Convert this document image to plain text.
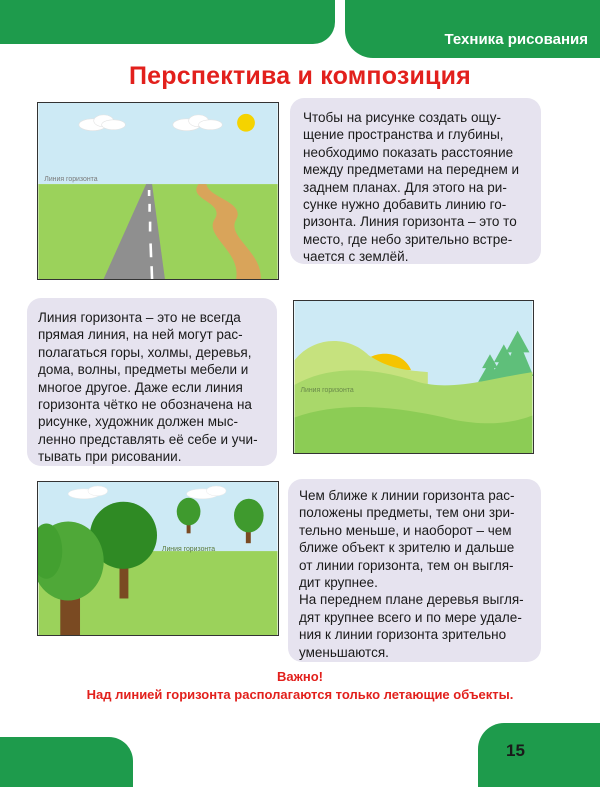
Техника рисования
Перспектива и композиция
Линия горизонта

Чтобы на рисунке создать ощу-

щение пространства и глубины,

необходимо показать расстояние

между предметами на переднем и

заднем планах. Для этого на ри-

сунке нужно добавить линию го-

ризонта. Линия горизонта – это то

место, где небо зрительно встре-

чается с землёй.

Линия горизонта – это не всегда

прямая линия, на ней могут рас-

полагаться горы, холмы, деревья,

дома, волны, предметы мебели и

многое другое. Даже если линия

горизонта чётко не обозначена на

рисунке, художник должен мыс-

ленно представлять её себе и учи-

тывать при рисовании.

Линия горизонта
Линия горизонта

Чем ближе к линии горизонта рас-

положены предметы, тем они зри-

тельно меньше, и наоборот – чем

ближе объект к зрителю и дальше

от линии горизонта, тем он выгля-

дит крупнее.

На переднем плане деревья выгля-

дят крупнее всего и по мере удале-

ния к линии горизонта зрительно

уменьшаются.

Важно!
Над линией горизонта располагаются только летающие объекты.
15
